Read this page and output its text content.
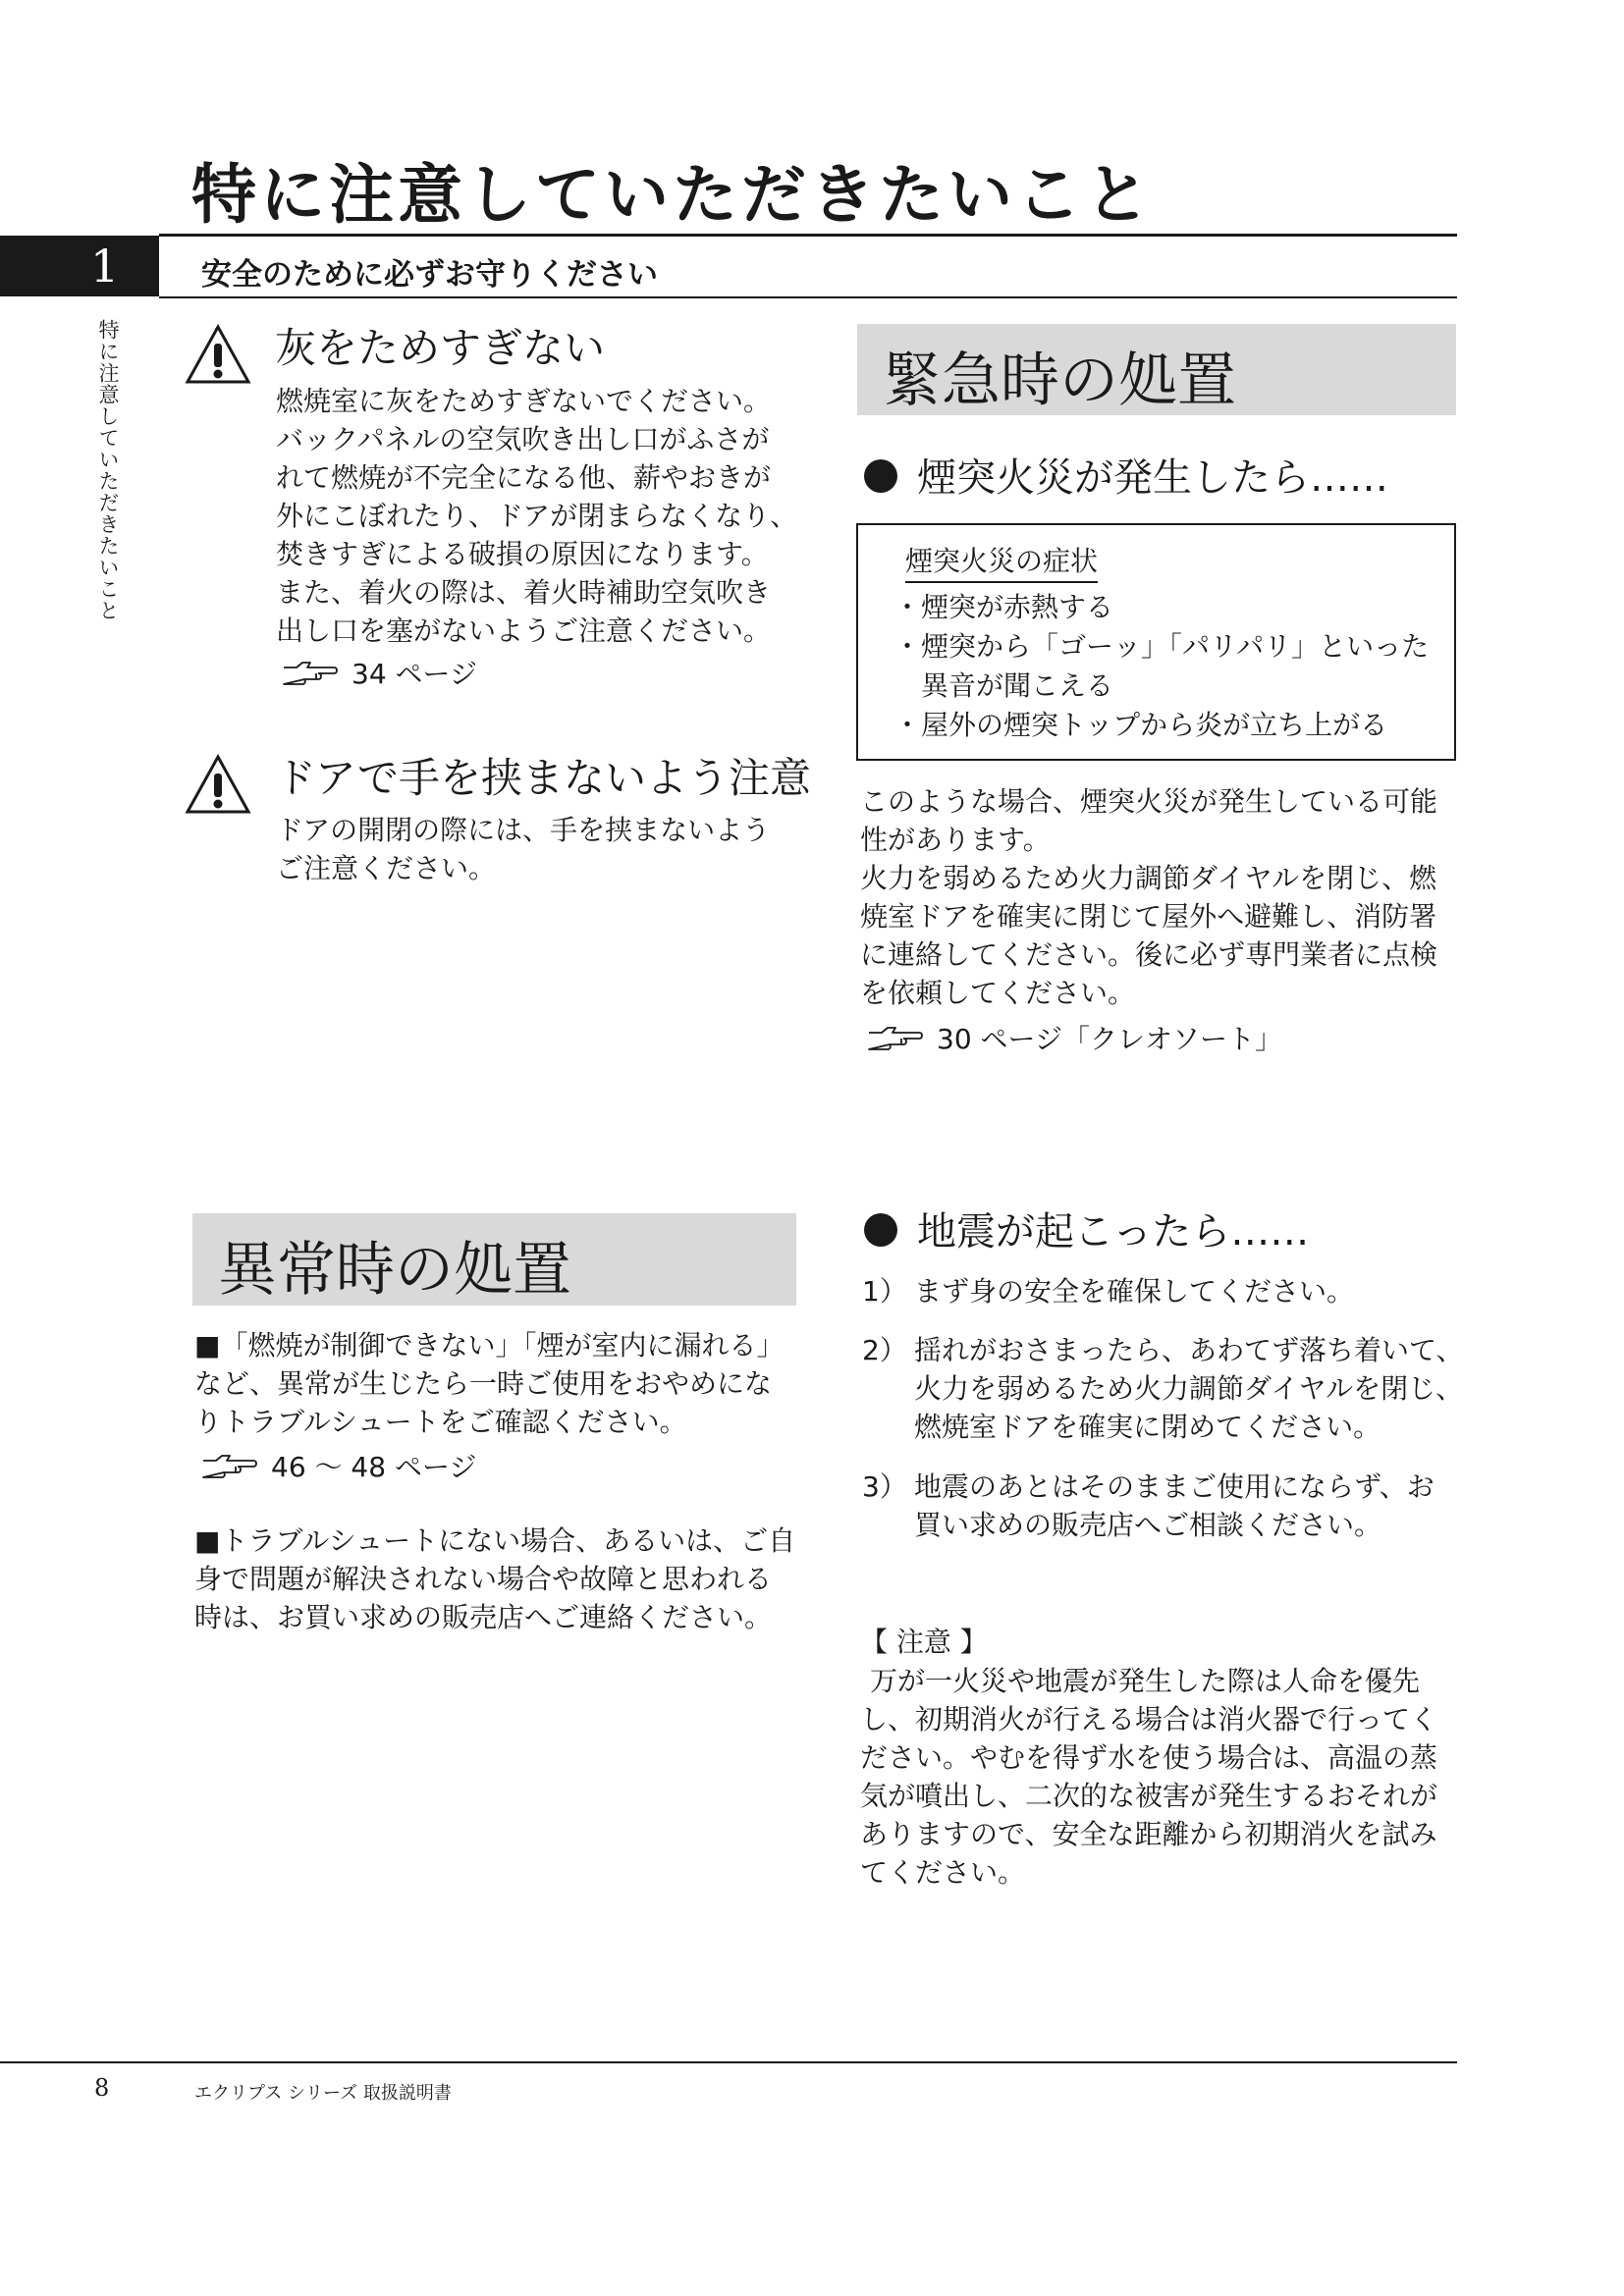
特に注意していただきたいこと
1	安全のために必ずお守りください
特に注意していただきたいこと	灰をためすぎない
燃焼室に灰をためすぎないでください。
バックパネルの空気吹き出し口がふさが
れて燃焼が不完全になる他、薪やおきが
外にこぼれたり、ドアが閉まらなくなり、
焚きすぎによる破損の原因になります。
また、着火の際は、着火時補助空気吹き
出し口を塞がないようご注意ください。
34 ページ
ドアで手を挟まないよう注意
ドアの開閉の際には、手を挟まないよう
ご注意ください。
緊急時の処置
煙突火災が発生したら……
煙突火災の症状
・煙突が赤熱する
・煙突から「ゴーッ」「パリパリ」といった
異音が聞こえる
・屋外の煙突トップから炎が立ち上がる
このような場合、煙突火災が発生している可能
性があります。
火力を弱めるため火力調節ダイヤルを閉じ、燃
焼室ドアを確実に閉じて屋外へ避難し、消防署
に連絡してください。後に必ず専門業者に点検
を依頼してください。
30 ページ「クレオソート」
異常時の処置
■「燃焼が制御できない」「煙が室内に漏れる」
など、異常が生じたら一時ご使用をおやめにな
りトラブルシュートをご確認ください。
46 ～ 48 ページ
■トラブルシュートにない場合、あるいは、ご自
身で問題が解決されない場合や故障と思われる
時は、お買い求めの販売店へご連絡ください。
地震が起こったら……
1） まず身の安全を確保してください。
2） 揺れがおさまったら、あわてず落ち着いて、
火力を弱めるため火力調節ダイヤルを閉じ、
燃焼室ドアを確実に閉めてください。
3） 地震のあとはそのままご使用にならず、お
買い求めの販売店へご相談ください。
【 注意 】
万が一火災や地震が発生した際は人命を優先
し、初期消火が行える場合は消火器で行ってく
ださい。やむを得ず水を使う場合は、高温の蒸
気が噴出し、二次的な被害が発生するおそれが
ありますので、安全な距離から初期消火を試み
てください。
8	エクリプス シリーズ 取扱説明書
